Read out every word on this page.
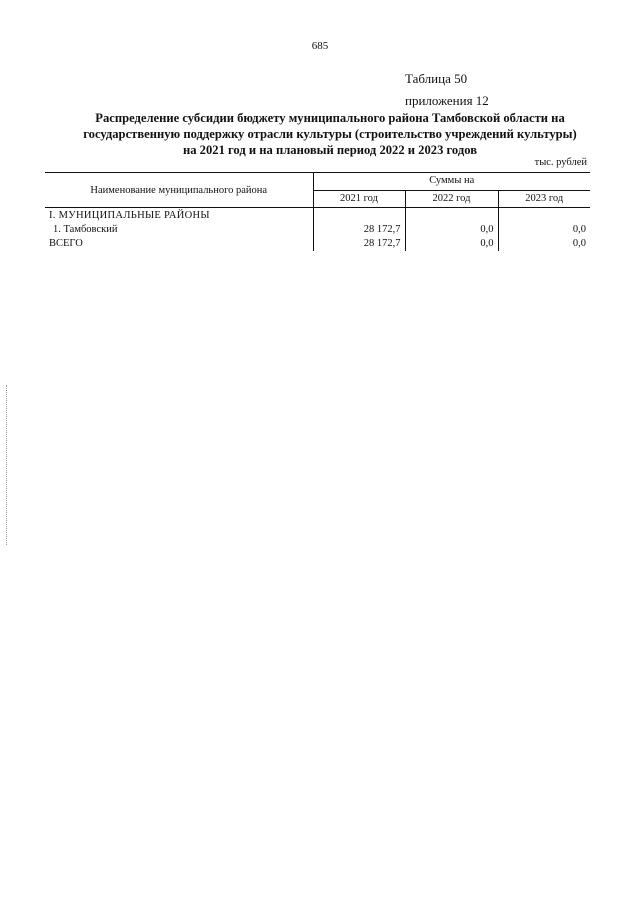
685
Таблица 50
приложения 12
Распределение субсидии бюджету муниципального района Тамбовской области на
государственную поддержку отрасли культуры (строительство учреждений культуры)
на 2021 год и на плановый период 2022 и 2023 годов
тыс. рублей
Наименование муниципального района	Суммы на		
	2021 год	2022 год	2023 год
I. МУНИЦИПАЛЬНЫЕ РАЙОНЫ			
1. Тамбовский	28 172,7	0,0	0,0
ВСЕГО	28 172,7	0,0	0,0
